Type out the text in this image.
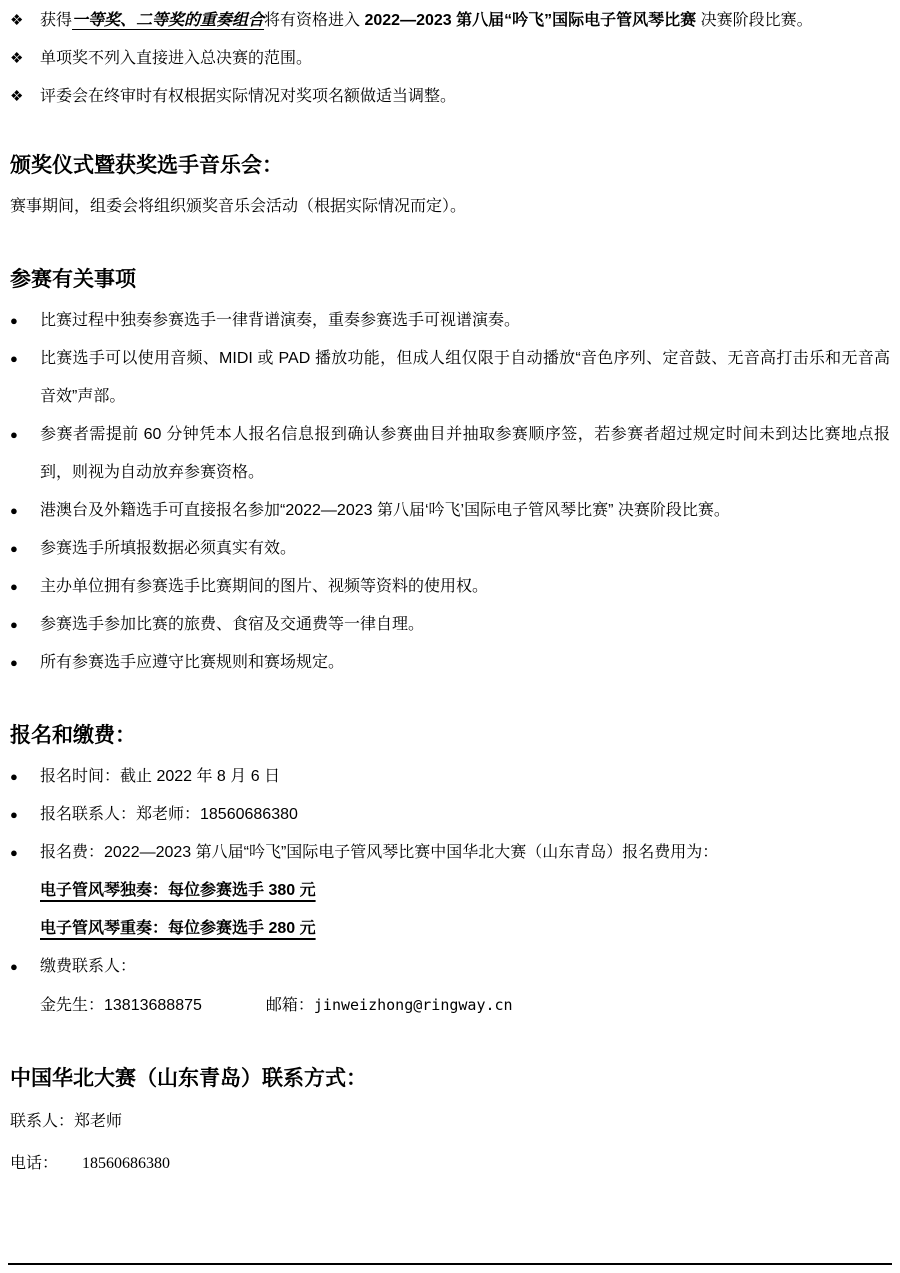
❖	获得一等奖、二等奖的重奏组合将有资格进入 2022—2023 第八届“吟飞”国际电子管风琴比赛 决赛阶段比赛。
❖	单项奖不列入直接进入总决赛的范围。
❖	评委会在终审时有权根据实际情况对奖项名额做适当调整。
颁奖仪式暨获奖选手音乐会：

赛事期间，组委会将组织颁奖音乐会活动（根据实际情况而定）。

参赛有关事项
●	比赛过程中独奏参赛选手一律背谱演奏，重奏参赛选手可视谱演奏。
●	比赛选手可以使用音频、MIDI 或 PAD 播放功能，但成人组仅限于自动播放“音色序列、定音鼓、无音高打击乐和无音高音效”声部。
●	参赛者需提前 60 分钟凭本人报名信息报到确认参赛曲目并抽取参赛顺序签，若参赛者超过规定时间未到达比赛地点报到，则视为自动放弃参赛资格。
●	港澳台及外籍选手可直接报名参加“2022—2023 第八届‘吟飞’国际电子管风琴比赛” 决赛阶段比赛。
●	参赛选手所填报数据必须真实有效。
●	主办单位拥有参赛选手比赛期间的图片、视频等资料的使用权。
●	参赛选手参加比赛的旅费、食宿及交通费等一律自理。
●	所有参赛选手应遵守比赛规则和赛场规定。
报名和缴费：
●	报名时间：截止 2022 年 8 月 6 日
●	报名联系人：郑老师：18560686380
●	报名费：2022—2023 第八届“吟飞”国际电子管风琴比赛中国华北大赛（山东青岛）报名费用为：
电子管风琴独奏：每位参赛选手 380 元
电子管风琴重奏：每位参赛选手 280 元
●	缴费联系人：
金先生：13813688875	邮箱：jinweizhong@ringway.cn
中国华北大赛（山东青岛）联系方式：
联系人：郑老师
电话： 18560686380
